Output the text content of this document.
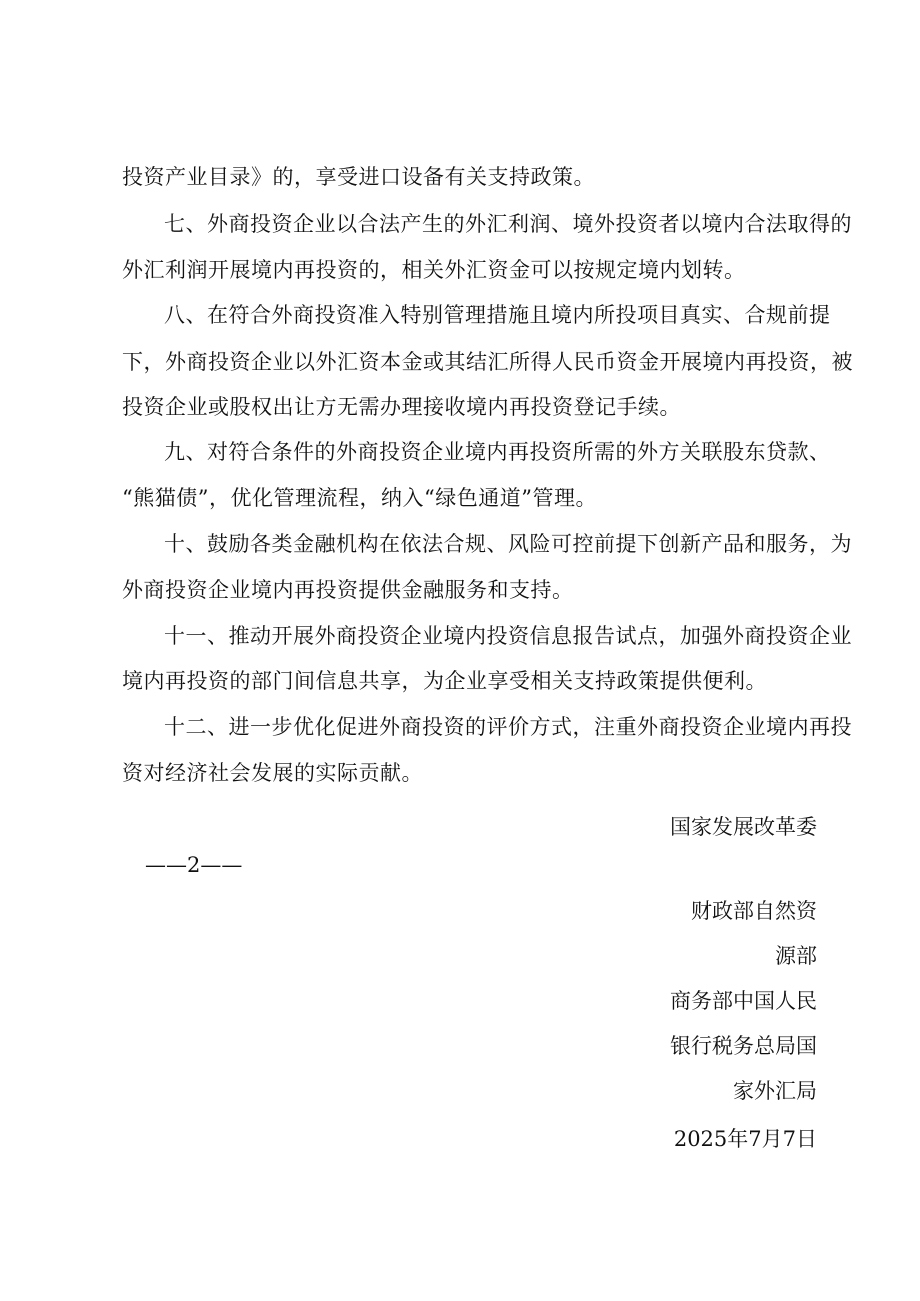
投资产业目录》的，享受进口设备有关支持政策。
七、外商投资企业以合法产生的外汇利润、境外投资者以境内合法取得的
外汇利润开展境内再投资的，相关外汇资金可以按规定境内划转。
八、在符合外商投资准入特别管理措施且境内所投项目真实、合规前提
下，外商投资企业以外汇资本金或其结汇所得人民币资金开展境内再投资，被
投资企业或股权出让方无需办理接收境内再投资登记手续。
九、对符合条件的外商投资企业境内再投资所需的外方关联股东贷款、
“熊猫债”，优化管理流程，纳入“绿色通道”管理。
十、鼓励各类金融机构在依法合规、风险可控前提下创新产品和服务，为
外商投资企业境内再投资提供金融服务和支持。
十一、推动开展外商投资企业境内投资信息报告试点，加强外商投资企业
境内再投资的部门间信息共享，为企业享受相关支持政策提供便利。
十二、进一步优化促进外商投资的评价方式，注重外商投资企业境内再投
资对经济社会发展的实际贡献。
国家发展改革委
——2——
财政部自然资
源部
商务部中国人民
银行税务总局国
家外汇局
2025年7月7日
